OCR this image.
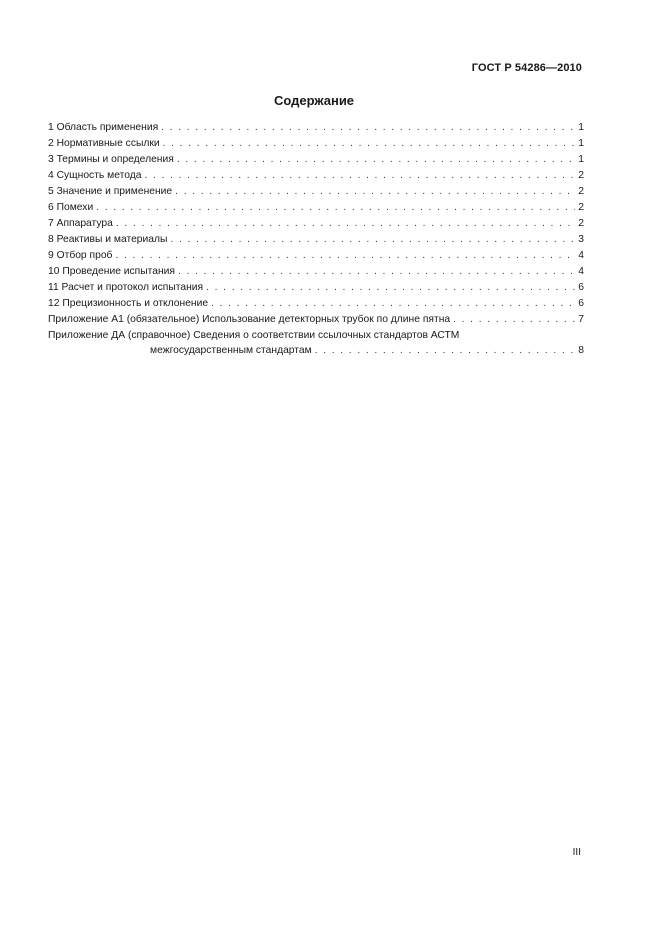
ГОСТ Р 54286—2010
Содержание
1 Область применения . . .	1
2 Нормативные ссылки . . .	1
3 Термины и определения . . .	1
4 Сущность метода . . .	2
5 Значение и применение . . .	2
6 Помехи . . .	2
7 Аппаратура . . .	2
8 Реактивы и материалы . . .	3
9 Отбор проб . . .	4
10 Проведение испытания . . .	4
11 Расчет и протокол испытания . . .	6
12 Прецизионность и отклонение . . .	6
Приложение А1 (обязательное) Использование детекторных трубок по длине пятна . . .	7
Приложение ДА (справочное) Сведения о соответствии ссылочных стандартов АСТМ
межгосударственным стандартам . . .	8
III
